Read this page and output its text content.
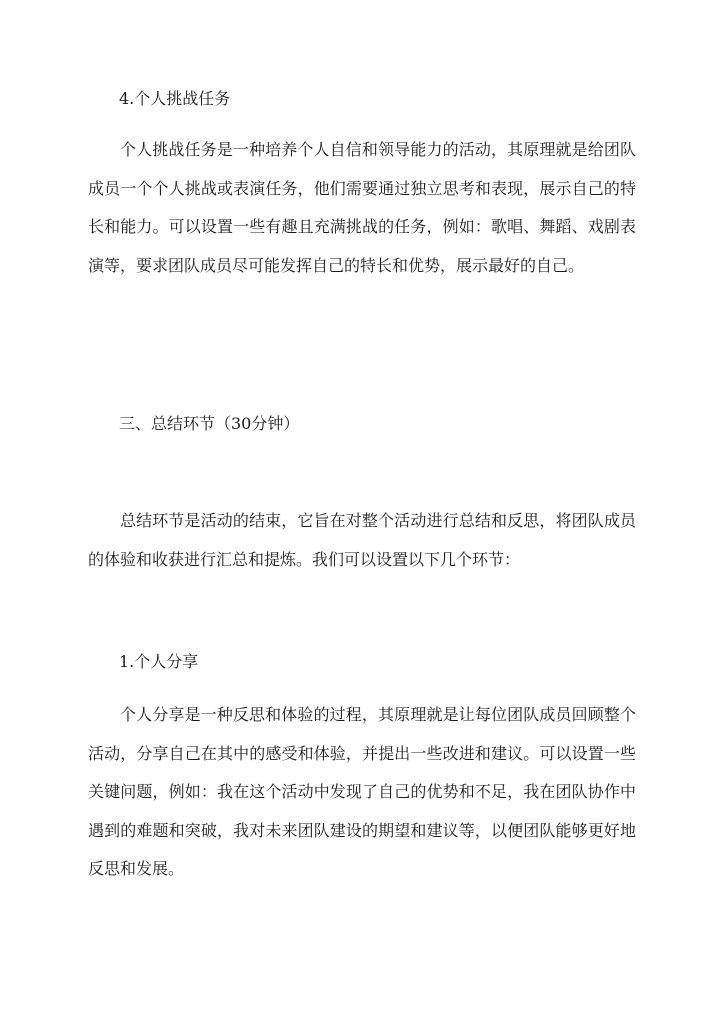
4.个人挑战任务

个人挑战任务是一种培养个人自信和领导能力的活动，其原理就是给团队成员一个个人挑战或表演任务，他们需要通过独立思考和表现，展示自己的特长和能力。可以设置一些有趣且充满挑战的任务，例如：歌唱、舞蹈、戏剧表演等，要求团队成员尽可能发挥自己的特长和优势，展示最好的自己。

三、总结环节（30分钟）

总结环节是活动的结束，它旨在对整个活动进行总结和反思，将团队成员的体验和收获进行汇总和提炼。我们可以设置以下几个环节：

1.个人分享

个人分享是一种反思和体验的过程，其原理就是让每位团队成员回顾整个活动，分享自己在其中的感受和体验，并提出一些改进和建议。可以设置一些关键问题，例如：我在这个活动中发现了自己的优势和不足，我在团队协作中遇到的难题和突破，我对未来团队建设的期望和建议等，以便团队能够更好地反思和发展。
